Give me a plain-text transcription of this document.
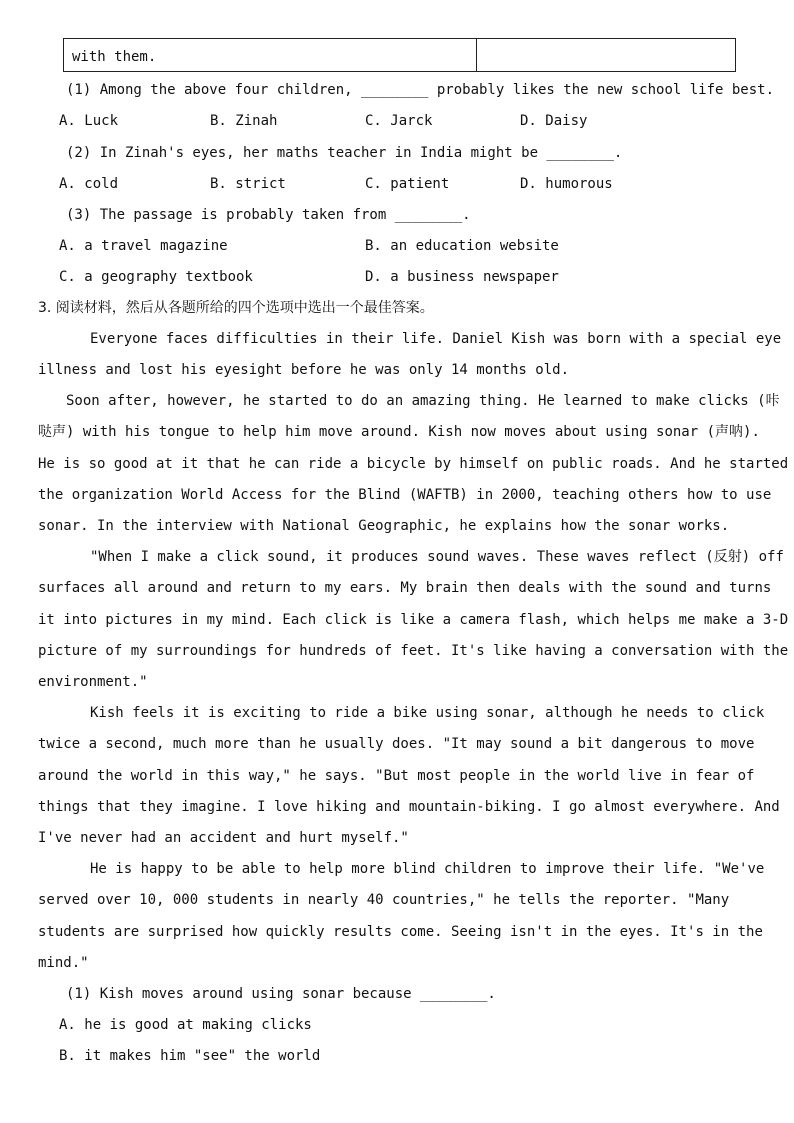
with them.
(1) Among the above four children, ________ probably likes the new school life best.
A. Luck	B. Zinah	C. Jarck	D. Daisy
(2) In Zinah's eyes, her maths teacher in India might be ________.
A. cold	B. strict	C. patient	D. humorous
(3) The passage is probably taken from ________.
A. a travel magazine	B. an education website
C. a geography textbook	D. a business newspaper
3. 阅读材料，然后从各题所给的四个选项中选出一个最佳答案。
Everyone faces difficulties in their life. Daniel Kish was born with a special eye
illness and lost his eyesight before he was only 14 months old.
Soon after, however, he started to do an amazing thing. He learned to make clicks (咔
哒声) with his tongue to help him move around. Kish now moves about using sonar (声呐).
He is so good at it that he can ride a bicycle by himself on public roads. And he started
the organization World Access for the Blind (WAFTB) in 2000, teaching others how to use
sonar. In the interview with National Geographic, he explains how the sonar works.
"When I make a click sound, it produces sound waves. These waves reflect (反射) off
surfaces all around and return to my ears. My brain then deals with the sound and turns
it into pictures in my mind. Each click is like a camera flash, which helps me make a 3-D
picture of my surroundings for hundreds of feet. It's like having a conversation with the
environment."
Kish feels it is exciting to ride a bike using sonar, although he needs to click
twice a second, much more than he usually does. "It may sound a bit dangerous to move
around the world in this way," he says. "But most people in the world live in fear of
things that they imagine. I love hiking and mountain-biking. I go almost everywhere. And
I've never had an accident and hurt myself."
He is happy to be able to help more blind children to improve their life. "We've
served over 10, 000 students in nearly 40 countries," he tells the reporter. "Many
students are surprised how quickly results come. Seeing isn't in the eyes. It's in the
mind."
(1) Kish moves around using sonar because ________.
A. he is good at making clicks
B. it makes him "see" the world
